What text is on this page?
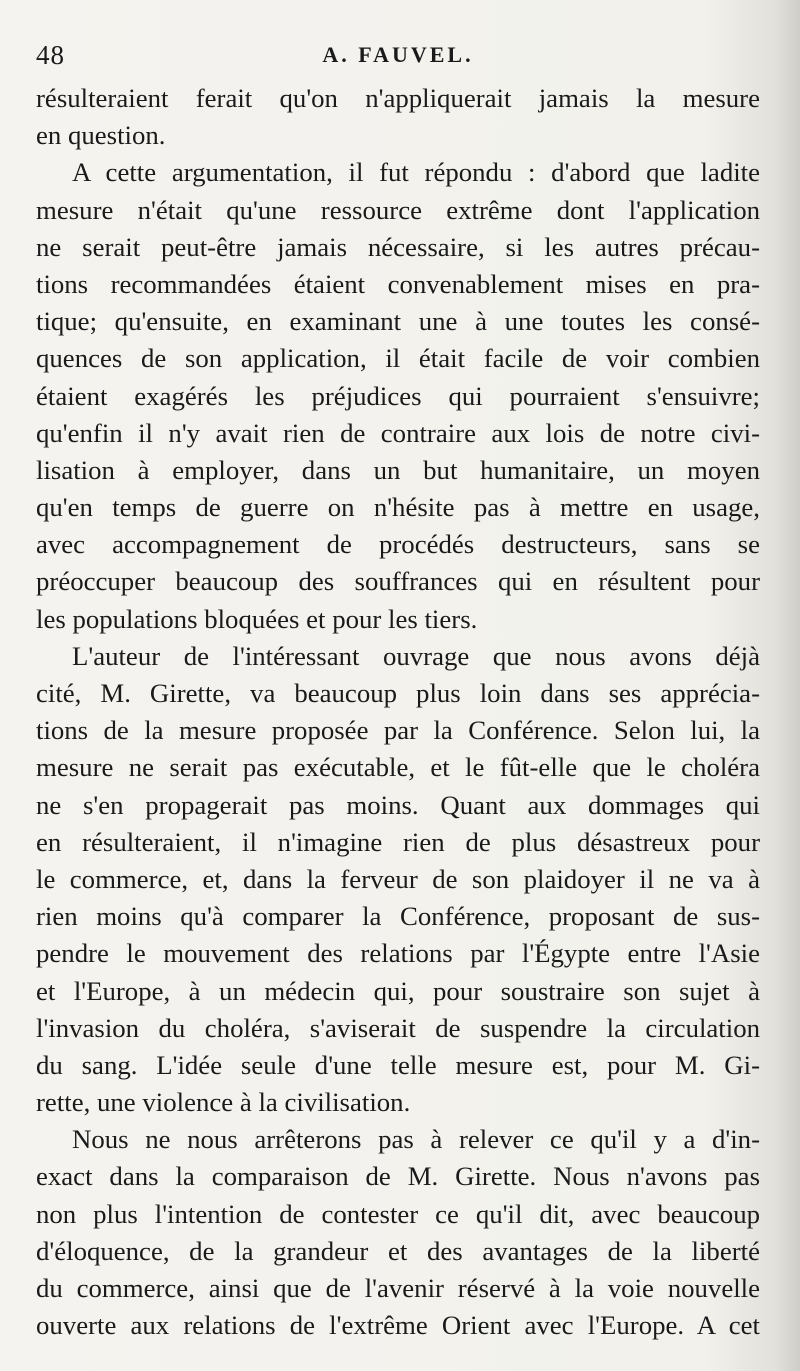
48	A. FAUVEL.
résulteraient ferait qu'on n'appliquerait jamais la mesure
en question.
A cette argumentation, il fut répondu : d'abord que ladite
mesure n'était qu'une ressource extrême dont l'application
ne serait peut-être jamais nécessaire, si les autres précau-
tions recommandées étaient convenablement mises en pra-
tique; qu'ensuite, en examinant une à une toutes les consé-
quences de son application, il était facile de voir combien
étaient exagérés les préjudices qui pourraient s'ensuivre;
qu'enfin il n'y avait rien de contraire aux lois de notre civi-
lisation à employer, dans un but humanitaire, un moyen
qu'en temps de guerre on n'hésite pas à mettre en usage,
avec accompagnement de procédés destructeurs, sans se
préoccuper beaucoup des souffrances qui en résultent pour
les populations bloquées et pour les tiers.
L'auteur de l'intéressant ouvrage que nous avons déjà
cité, M. Girette, va beaucoup plus loin dans ses apprécia-
tions de la mesure proposée par la Conférence. Selon lui, la
mesure ne serait pas exécutable, et le fût-elle que le choléra
ne s'en propagerait pas moins. Quant aux dommages qui
en résulteraient, il n'imagine rien de plus désastreux pour
le commerce, et, dans la ferveur de son plaidoyer il ne va à
rien moins qu'à comparer la Conférence, proposant de sus-
pendre le mouvement des relations par l'Égypte entre l'Asie
et l'Europe, à un médecin qui, pour soustraire son sujet à
l'invasion du choléra, s'aviserait de suspendre la circulation
du sang. L'idée seule d'une telle mesure est, pour M. Gi-
rette, une violence à la civilisation.
Nous ne nous arrêterons pas à relever ce qu'il y a d'in-
exact dans la comparaison de M. Girette. Nous n'avons pas
non plus l'intention de contester ce qu'il dit, avec beaucoup
d'éloquence, de la grandeur et des avantages de la liberté
du commerce, ainsi que de l'avenir réservé à la voie nouvelle
ouverte aux relations de l'extrême Orient avec l'Europe. A cet
